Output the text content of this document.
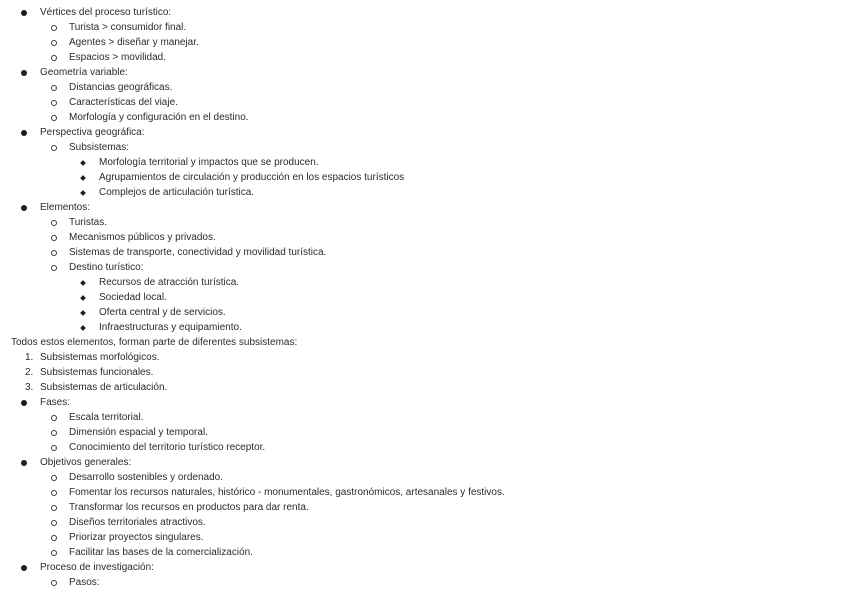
Vértices del proceso turístico:
Turista > consumidor final.
Agentes > diseñar y manejar.
Espacios > movilidad.
Geometría variable:
Distancias geográficas.
Características del viaje.
Morfología y configuración en el destino.
Perspectiva geográfica:
Subsistemas:
Morfología territorial y impactos que se producen.
Agrupamientos de circulación y producción en los espacios turísticos
Complejos de articulación turística.
Elementos:
Turistas.
Mecanismos públicos y privados.
Sistemas de transporte, conectividad y movilidad turística.
Destino turístico:
Recursos de atracción turística.
Sociedad local.
Oferta central y de servicios.
Infraestructuras y equipamiento.
Todos estos elementos, forman parte de diferentes subsistemas:
1. Subsistemas morfológicos.
2. Subsistemas funcionales.
3. Subsistemas de articulación.
Fases:
Escala territorial.
Dimensión espacial y temporal.
Conocimiento del territorio turístico receptor.
Objetivos generales:
Desarrollo sostenibles y ordenado.
Fomentar los recursos naturales, histórico - monumentales, gastronómicos, artesanales y festivos.
Transformar los recursos en productos para dar renta.
Diseños territoriales atractivos.
Priorizar proyectos singulares.
Facilitar las bases de la comercialización.
Proceso de investigación:
Pasos:
